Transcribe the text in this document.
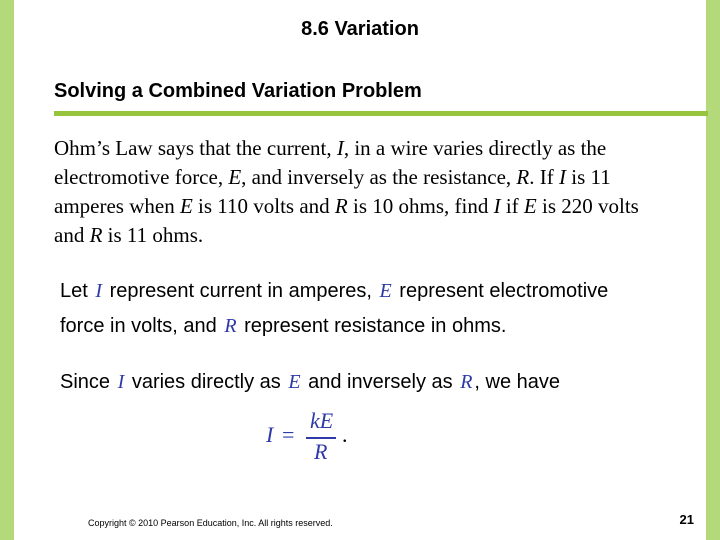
8.6 Variation
Solving a Combined Variation Problem
Ohm’s Law says that the current, I, in a wire varies directly as the electromotive force, E, and inversely as the resistance, R. If I is 11 amperes when E is 110 volts and R is 10 ohms, find I if E is 220 volts and R is 11 ohms.
Let I represent current in amperes, E represent electromotive
force in volts, and R represent resistance in ohms.
Since I varies directly as E and inversely as R , we have
I =
kE
R
.
Copyright © 2010 Pearson Education, Inc. All rights reserved.	21
